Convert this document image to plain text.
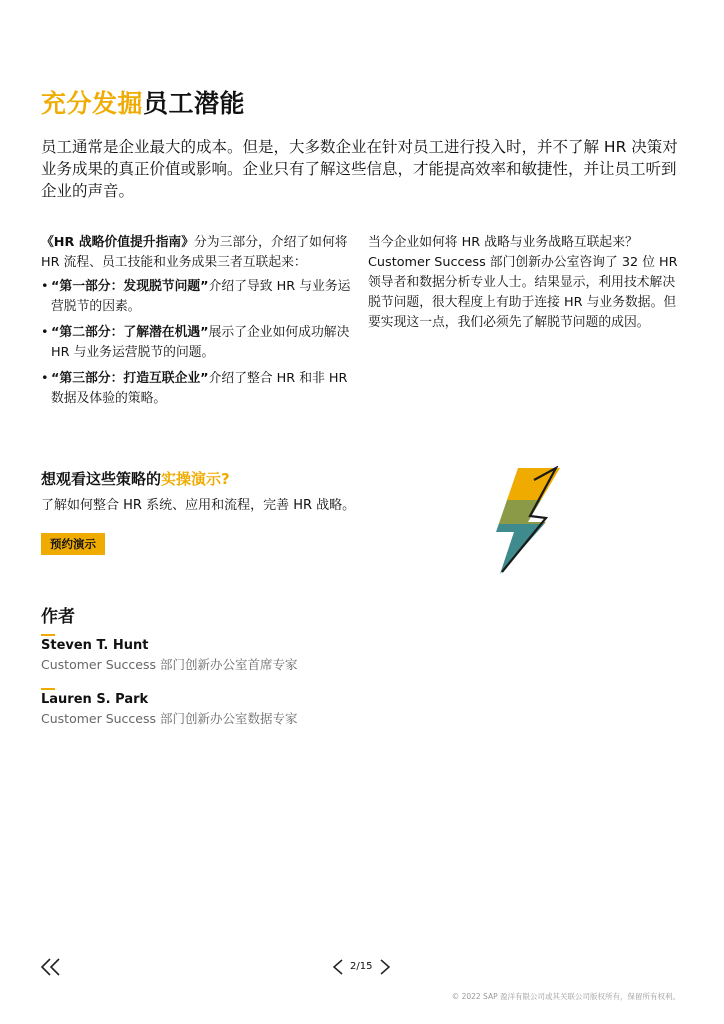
充分发掘员工潜能

员工通常是企业最大的成本。但是，大多数企业在针对员工进行投入时，并不了解 HR 决策对业务成果的真正价值或影响。企业只有了解这些信息，才能提高效率和敏捷性，并让员工听到企业的声音。

《HR 战略价值提升指南》分为三部分，介绍了如何将 HR 流程、员工技能和业务成果三者互联起来：

• “第一部分：发现脱节问题”介绍了导致 HR 与业务运营脱节的因素。
• “第二部分：了解潜在机遇”展示了企业如何成功解决 HR 与业务运营脱节的问题。
• “第三部分：打造互联企业”介绍了整合 HR 和非 HR 数据及体验的策略。

当今企业如何将 HR 战略与业务战略互联起来？Customer Success 部门创新办公室咨询了 32 位 HR 领导者和数据分析专业人士。结果显示，利用技术解决脱节问题，很大程度上有助于连接 HR 与业务数据。但要实现这一点，我们必须先了解脱节问题的成因。

想观看这些策略的实操演示?
了解如何整合 HR 系统、应用和流程，完善 HR 战略。
预约演示
作者
Steven T. Hunt
Customer Success 部门创新办公室首席专家
Lauren S. Park
Customer Success 部门创新办公室数据专家
2/15
© 2022 SAP 盈洋有限公司或其关联公司版权所有，保留所有权利。
